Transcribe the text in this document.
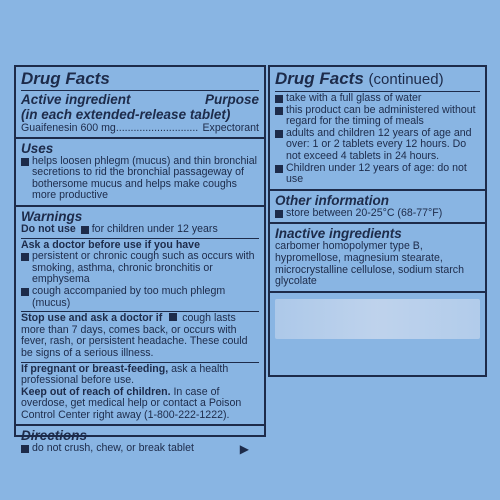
Drug Facts
Active ingredient	Purpose
(in each extended-release tablet)
Guaifenesin 600 mg ............................ Expectorant
Uses
helps loosen phlegm (mucus) and thin bronchial secretions to rid the bronchial passageway of bothersome mucus and helps make coughs more productive
Warnings
Do not use for children under 12 years
Ask a doctor before use if you have
persistent or chronic cough such as occurs with smoking, asthma, chronic bronchitis or emphysema
cough accompanied by too much phlegm (mucus)
Stop use and ask a doctor if cough lasts more than 7 days, comes back, or occurs with fever, rash, or persistent headache. These could be signs of a serious illness.
If pregnant or breast-feeding, ask a health professional before use.
Keep out of reach of children. In case of overdose, get medical help or contact a Poison Control Center right away (1-800-222-1222).
Directions
do not crush, chew, or break tablet	▶
Drug Facts (continued)
take with a full glass of water
this product can be administered without regard for the timing of meals
adults and children 12 years of age and over: 1 or 2 tablets every 12 hours. Do not exceed 4 tablets in 24 hours.
Children under 12 years of age: do not use
Other information
store between 20-25°C (68-77°F)
Inactive ingredients
carbomer homopolymer type B, hypromellose, magnesium stearate, microcrystalline cellulose, sodium starch glycolate
